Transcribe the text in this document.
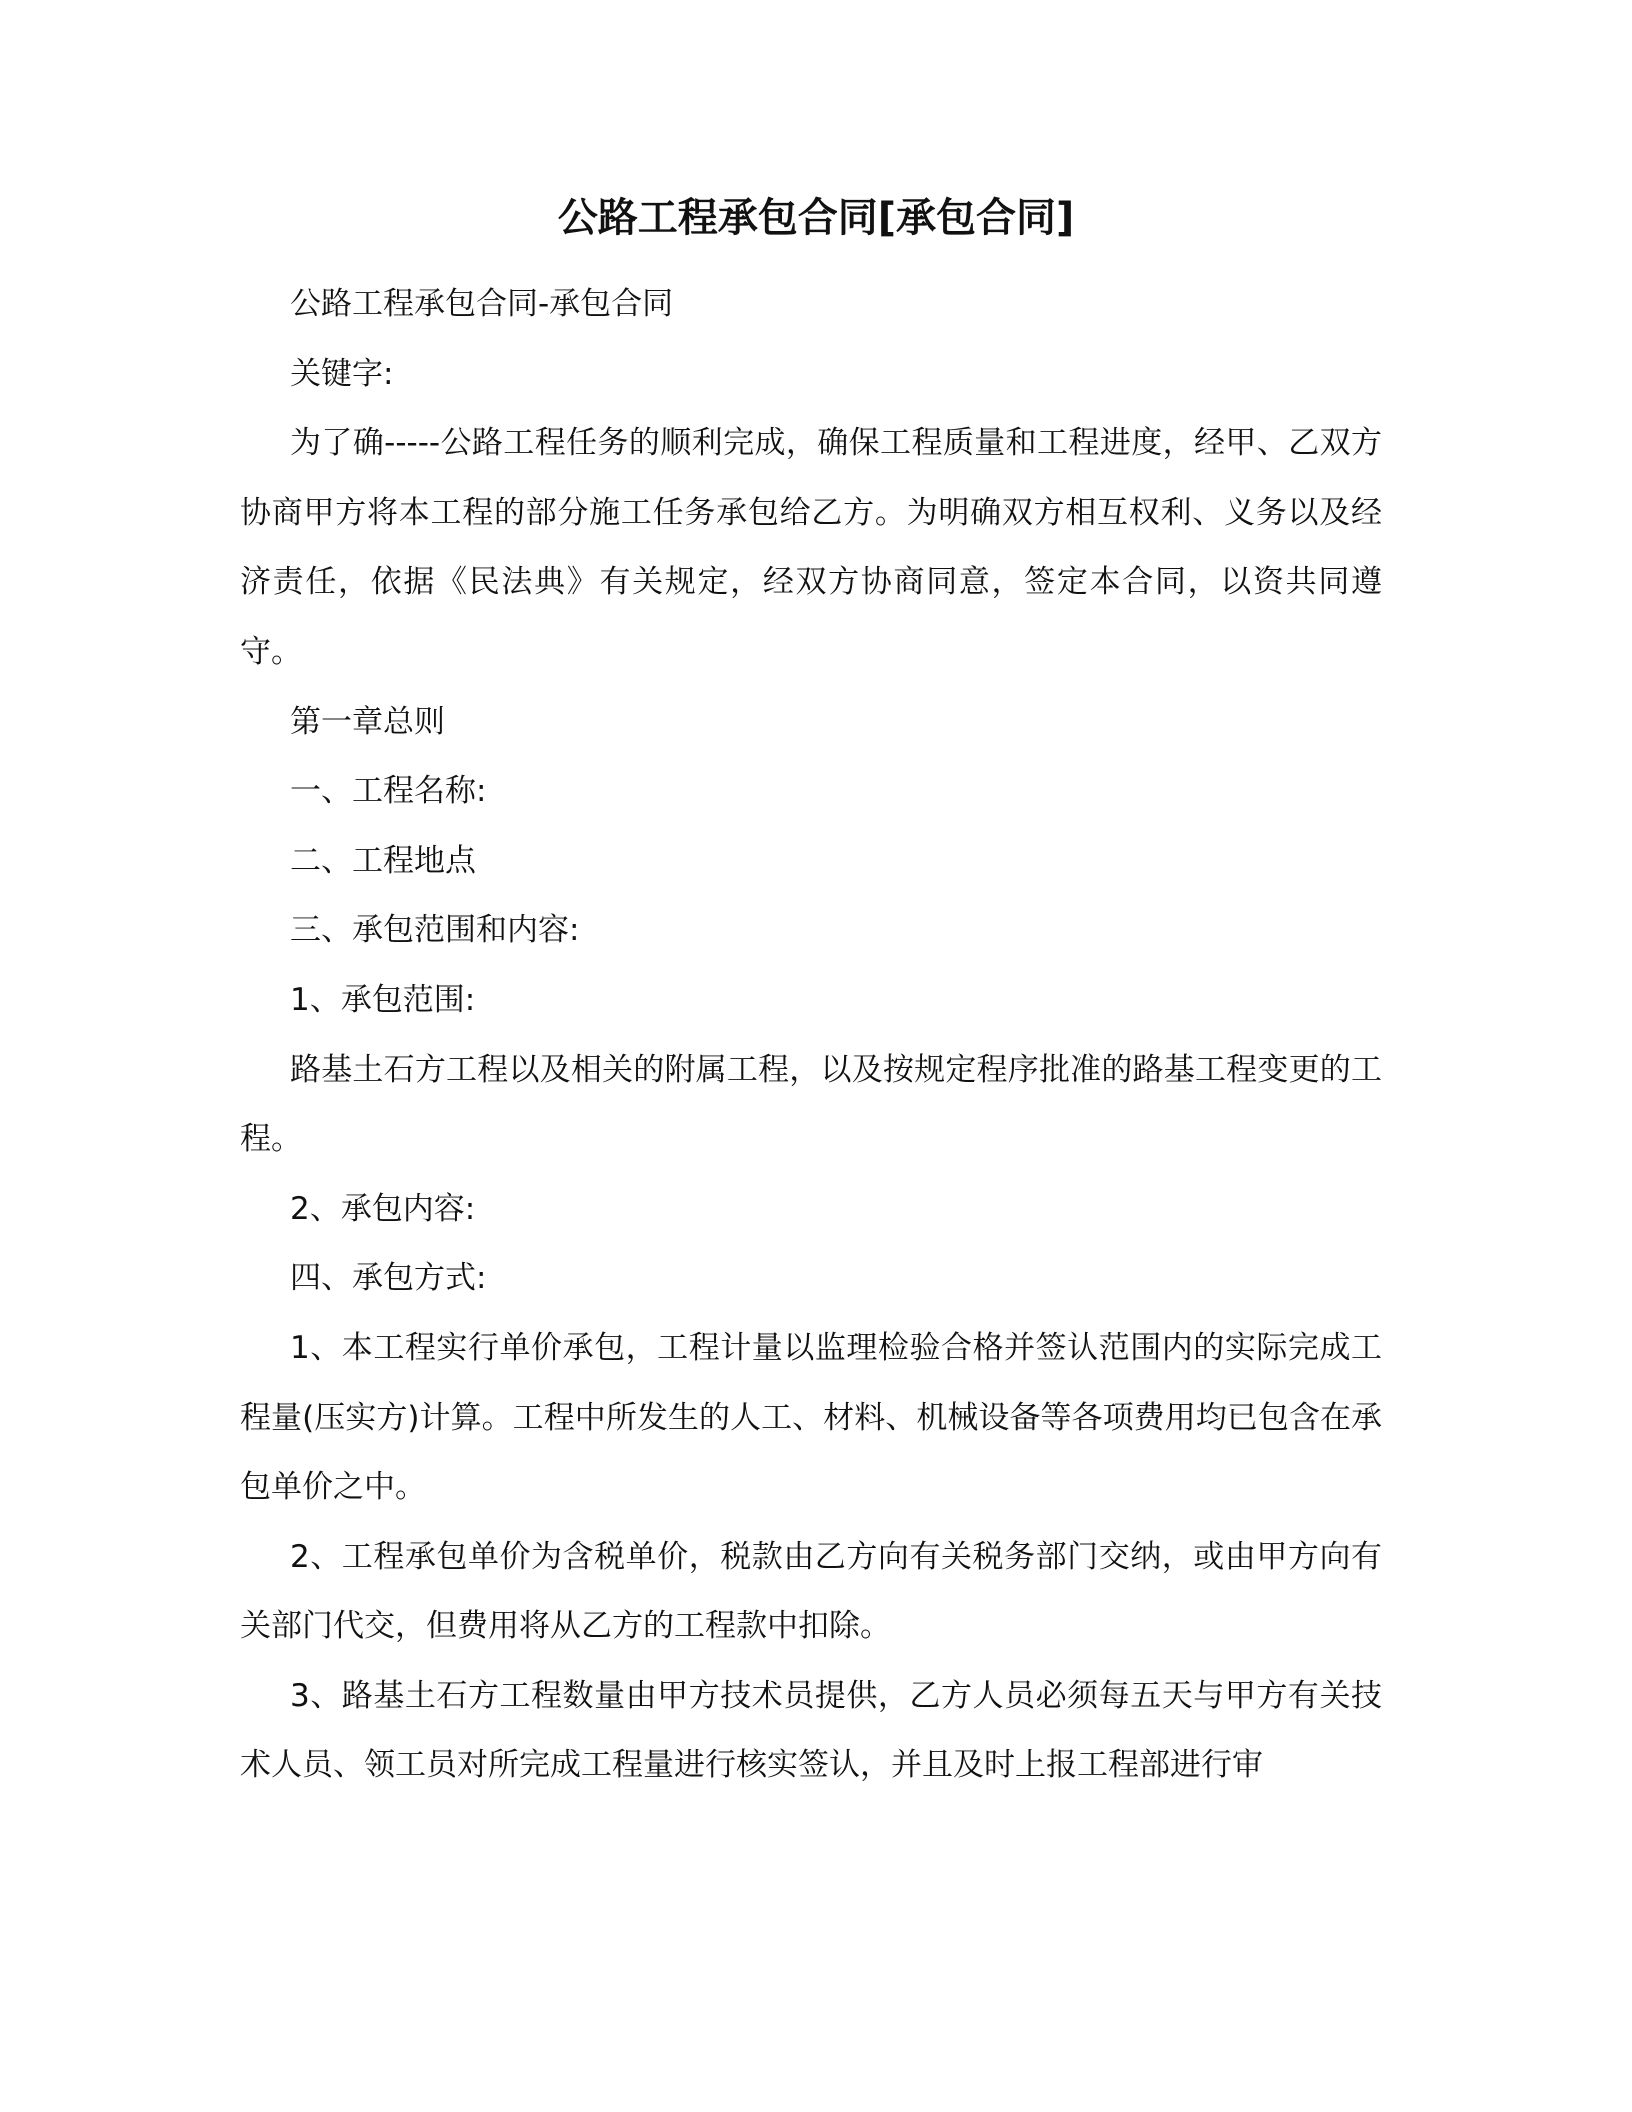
公路工程承包合同[承包合同]

公路工程承包合同-承包合同

关键字:

为了确-----公路工程任务的顺利完成，确保工程质量和工程进度，经甲、乙双方协商甲方将本工程的部分施工任务承包给乙方。为明确双方相互权利、义务以及经济责任，依据《民法典》有关规定，经双方协商同意，签定本合同，以资共同遵守。

第一章总则

一、工程名称:

二、工程地点

三、承包范围和内容:

1、承包范围:

路基土石方工程以及相关的附属工程，以及按规定程序批准的路基工程变更的工程。

2、承包内容:

四、承包方式:

1、本工程实行单价承包，工程计量以监理检验合格并签认范围内的实际完成工程量(压实方)计算。工程中所发生的人工、材料、机械设备等各项费用均已包含在承包单价之中。

2、工程承包单价为含税单价，税款由乙方向有关税务部门交纳，或由甲方向有关部门代交，但费用将从乙方的工程款中扣除。

3、路基土石方工程数量由甲方技术员提供，乙方人员必须每五天与甲方有关技术人员、领工员对所完成工程量进行核实签认，并且及时上报工程部进行审
